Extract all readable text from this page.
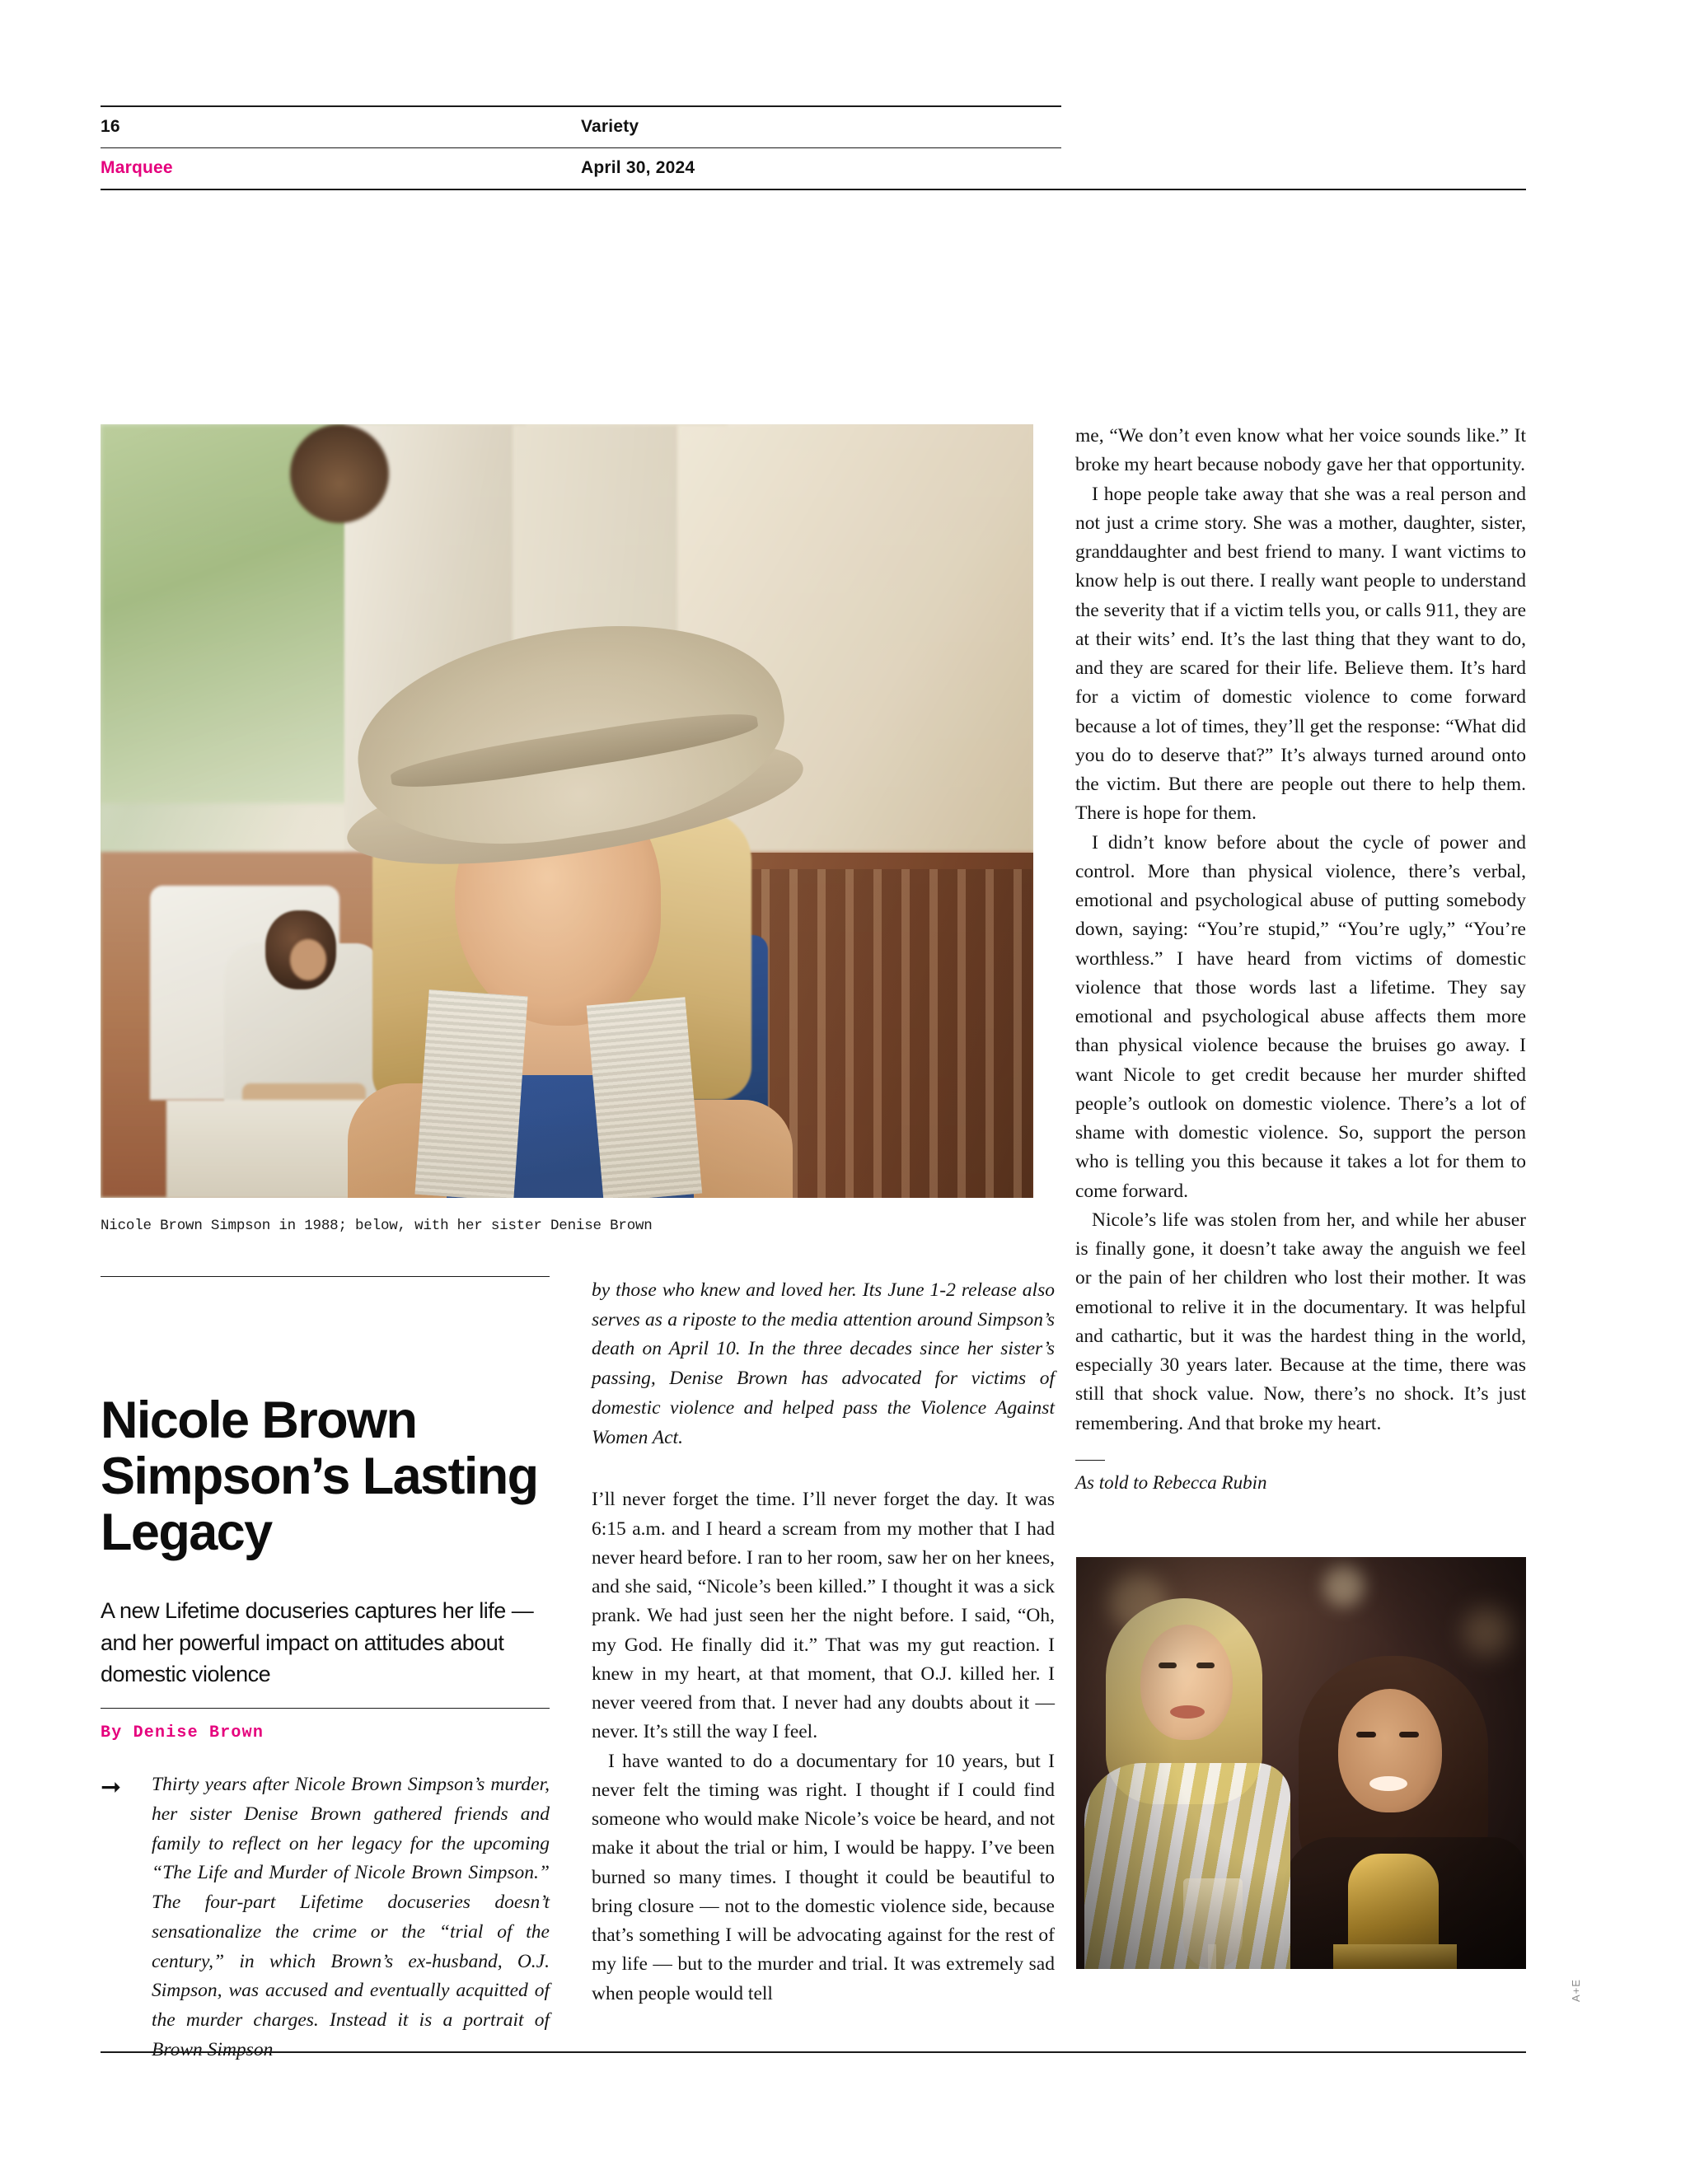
16
Marquee
Variety
April 30, 2024
Nicole Brown Simpson in 1988; below, with her sister Denise Brown
Nicole Brown Simpson’s Lasting Legacy
A new Lifetime docuseries captures her life — and her powerful impact on attitudes about domestic violence
By Denise Brown
➞ Thirty years after Nicole Brown Simpson’s murder, her sister Denise Brown gathered friends and family to reflect on her legacy for the upcoming “The Life and Murder of Nicole Brown Simpson.” The four-part Lifetime docuseries doesn’t sensationalize the crime or the “trial of the century,” in which Brown’s ex-husband, O.J. Simpson, was accused and eventually acquitted of the murder charges. Instead it is a portrait of Brown Simpson
by those who knew and loved her. Its June 1-2 release also serves as a riposte to the media attention around Simpson’s death on April 10. In the three decades since her sister’s passing, Denise Brown has advocated for victims of domestic violence and helped pass the Violence Against Women Act.

I’ll never forget the time. I’ll never forget the day. It was 6:15 a.m. and I heard a scream from my mother that I had never heard before. I ran to her room, saw her on her knees, and she said, “Nicole’s been killed.” I thought it was a sick prank. We had just seen her the night before. I said, “Oh, my God. He finally did it.” That was my gut reaction. I knew in my heart, at that moment, that O.J. killed her. I never veered from that. I never had any doubts about it — never. It’s still the way I feel.

I have wanted to do a documentary for 10 years, but I never felt the timing was right. I thought if I could find someone who would make Nicole’s voice be heard, and not make it about the trial or him, I would be happy. I’ve been burned so many times. I thought it could be beautiful to bring closure — not to the domestic violence side, because that’s something I will be advocating against for the rest of my life — but to the murder and trial. It was extremely sad when people would tell

me, “We don’t even know what her voice sounds like.” It broke my heart because nobody gave her that opportunity.

I hope people take away that she was a real person and not just a crime story. She was a mother, daughter, sister, granddaughter and best friend to many. I want victims to know help is out there. I really want people to understand the severity that if a victim tells you, or calls 911, they are at their wits’ end. It’s the last thing that they want to do, and they are scared for their life. Believe them. It’s hard for a victim of domestic violence to come forward because a lot of times, they’ll get the response: “What did you do to deserve that?” It’s always turned around onto the victim. But there are people out there to help them. There is hope for them.

I didn’t know before about the cycle of power and control. More than physical violence, there’s verbal, emotional and psychological abuse of putting somebody down, saying: “You’re stupid,” “You’re ugly,” “You’re worthless.” I have heard from victims of domestic violence that those words last a lifetime. They say emotional and psychological abuse affects them more than physical violence because the bruises go away. I want Nicole to get credit because her murder shifted people’s outlook on domestic violence. There’s a lot of shame with domestic violence. So, support the person who is telling you this because it takes a lot for them to come forward.

Nicole’s life was stolen from her, and while her abuser is finally gone, it doesn’t take away the anguish we feel or the pain of her children who lost their mother. It was emotional to relive it in the documentary. It was helpful and cathartic, but it was the hardest thing in the world, especially 30 years later. Because at the time, there was still that shock value. Now, there’s no shock. It’s just remembering. And that broke my heart.

As told to Rebecca Rubin
A+E
